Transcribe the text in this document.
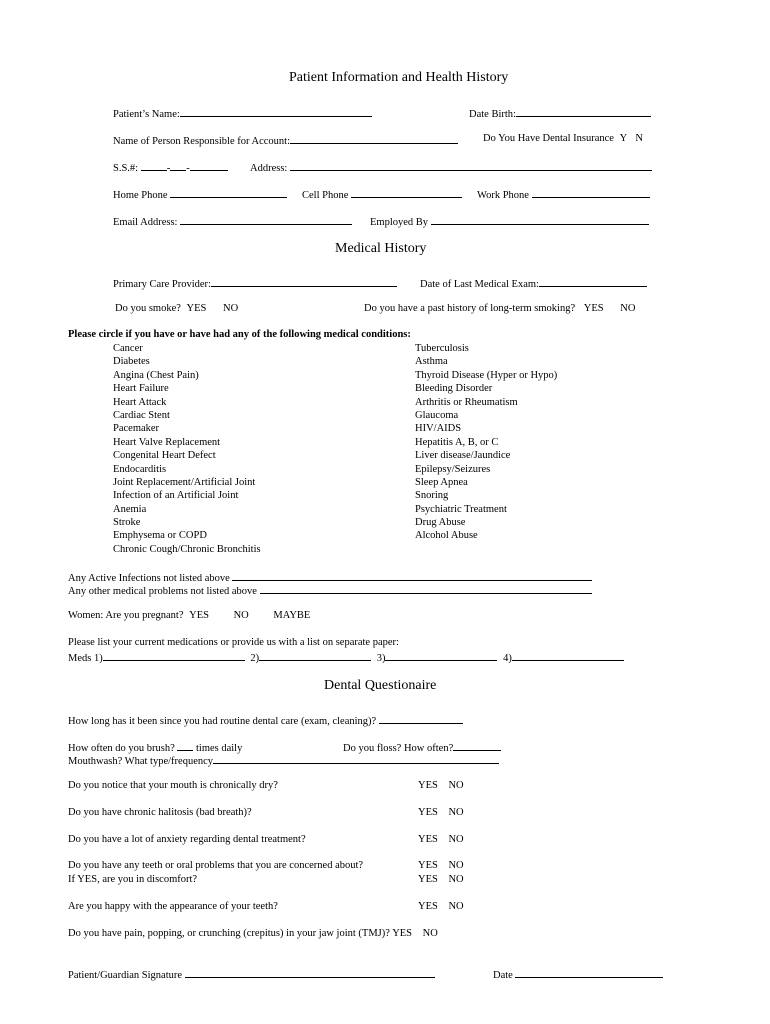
Patient Information and Health History
Patient’s Name:	Date Birth:
Name of Person Responsible for Account:	Do You Have Dental Insurance Y N
S.S.#:	- -	Address:
Home Phone	Cell Phone	Work Phone
Email Address:	Employed By
Medical History
Primary Care Provider:	Date of Last Medical Exam:
Do you smoke? YES NO	Do you have a past history of long-term smoking? YES NO
Please circle if you have or have had any of the following medical conditions:
Cancer
Diabetes
Angina (Chest Pain)
Heart Failure
Heart Attack
Cardiac Stent
Pacemaker
Heart Valve Replacement
Congenital Heart Defect
Endocarditis
Joint Replacement/Artificial Joint
Infection of an Artificial Joint
Anemia
Stroke
Emphysema or COPD
Chronic Cough/Chronic Bronchitis
Tuberculosis
Asthma
Thyroid Disease (Hyper or Hypo)
Bleeding Disorder
Arthritis or Rheumatism
Glaucoma
HIV/AIDS
Hepatitis A, B, or C
Liver disease/Jaundice
Epilepsy/Seizures
Sleep Apnea
Snoring
Psychiatric Treatment
Drug Abuse
Alcohol Abuse
Any Active Infections not listed above
Any other medical problems not listed above
Women: Are you pregnant? YES NO MAYBE
Please list your current medications or provide us with a list on separate paper:
Meds 1)	2)	3)	4)
Dental Questionaire
How long has it been since you had routine dental care (exam, cleaning)?
How often do you brush? times daily	Do you floss? How often?
Mouthwash? What type/frequency
Do you notice that your mouth is chronically dry?	YES NO
Do you have chronic halitosis (bad breath)?	YES NO
Do you have a lot of anxiety regarding dental treatment?	YES NO
Do you have any teeth or oral problems that you are concerned about?	YES NO
If YES, are you in discomfort?	YES NO
Are you happy with the appearance of your teeth?	YES NO
Do you have pain, popping, or crunching (crepitus) in your jaw joint (TMJ)? YES NO
Patient/Guardian Signature	Date
